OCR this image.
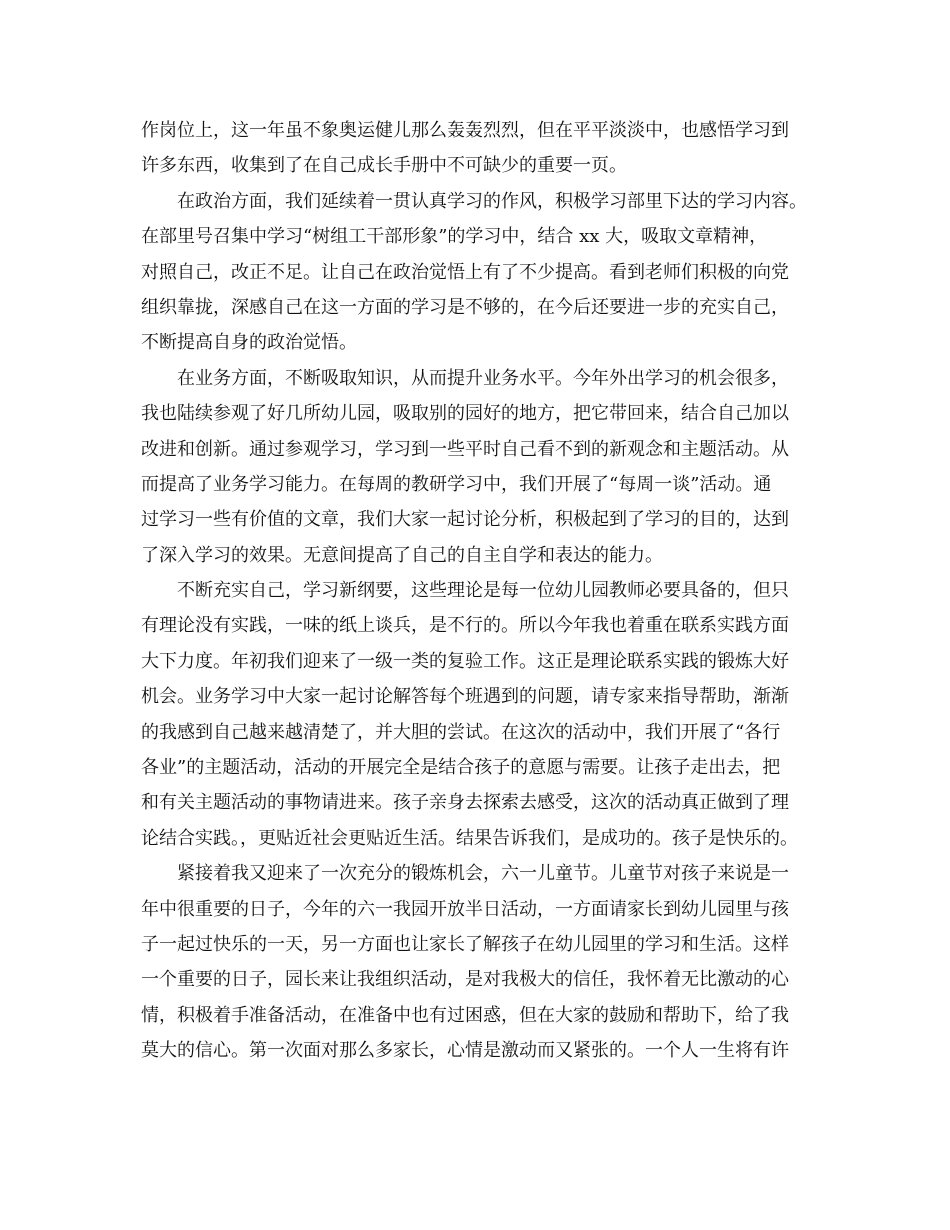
作岗位上，这一年虽不象奥运健儿那么轰轰烈烈，但在平平淡淡中，也感悟学习到
许多东西，收集到了在自己成长手册中不可缺少的重要一页。
在政治方面，我们延续着一贯认真学习的作风，积极学习部里下达的学习内容。
在部里号召集中学习“树组工干部形象”的学习中，结合 xx 大，吸取文章精神，
对照自己，改正不足。让自己在政治觉悟上有了不少提高。看到老师们积极的向党
组织靠拢，深感自己在这一方面的学习是不够的，在今后还要进一步的充实自己，
不断提高自身的政治觉悟。
在业务方面，不断吸取知识，从而提升业务水平。今年外出学习的机会很多，
我也陆续参观了好几所幼儿园，吸取别的园好的地方，把它带回来，结合自己加以
改进和创新。通过参观学习，学习到一些平时自己看不到的新观念和主题活动。从
而提高了业务学习能力。在每周的教研学习中，我们开展了“每周一谈”活动。通
过学习一些有价值的文章，我们大家一起讨论分析，积极起到了学习的目的，达到
了深入学习的效果。无意间提高了自己的自主自学和表达的能力。
不断充实自己，学习新纲要，这些理论是每一位幼儿园教师必要具备的，但只
有理论没有实践，一味的纸上谈兵，是不行的。所以今年我也着重在联系实践方面
大下力度。年初我们迎来了一级一类的复验工作。这正是理论联系实践的锻炼大好
机会。业务学习中大家一起讨论解答每个班遇到的问题，请专家来指导帮助，渐渐
的我感到自己越来越清楚了，并大胆的尝试。在这次的活动中，我们开展了“各行
各业”的主题活动，活动的开展完全是结合孩子的意愿与需要。让孩子走出去，把
和有关主题活动的事物请进来。孩子亲身去探索去感受，这次的活动真正做到了理
论结合实践。，更贴近社会更贴近生活。结果告诉我们，是成功的。孩子是快乐的。
紧接着我又迎来了一次充分的锻炼机会，六一儿童节。儿童节对孩子来说是一
年中很重要的日子，今年的六一我园开放半日活动，一方面请家长到幼儿园里与孩
子一起过快乐的一天，另一方面也让家长了解孩子在幼儿园里的学习和生活。这样
一个重要的日子，园长来让我组织活动，是对我极大的信任，我怀着无比激动的心
情，积极着手准备活动，在准备中也有过困惑，但在大家的鼓励和帮助下，给了我
莫大的信心。第一次面对那么多家长，心情是激动而又紧张的。一个人一生将有许
